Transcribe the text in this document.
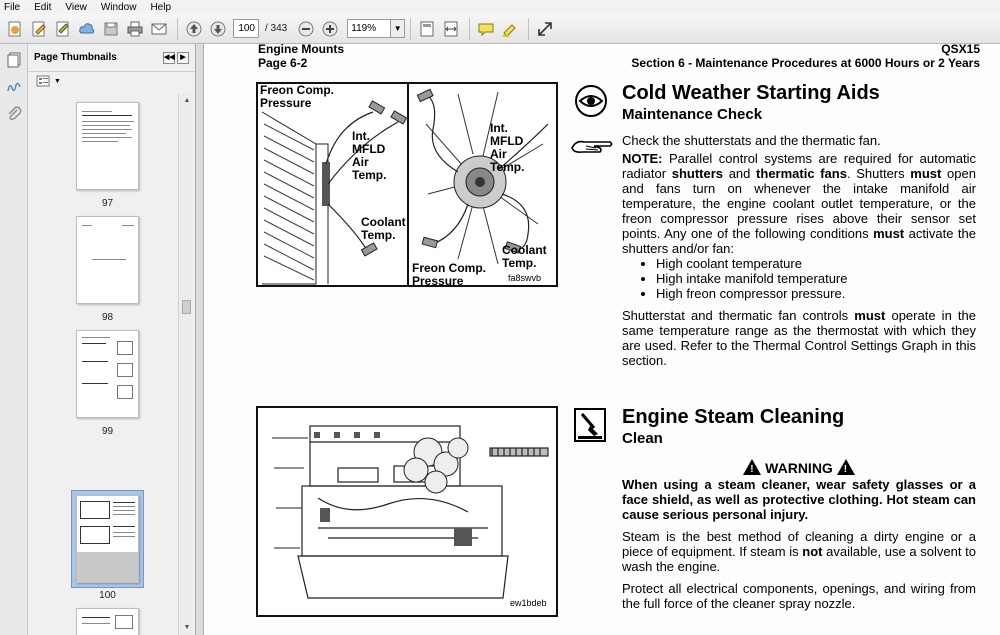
File Edit View Window Help
100	/ 343	119%	▼
Page Thumbnails	◀◀ ▶
▼
97
98
99
100
▲
▼
Engine Mounts
Page 6-2
QSX15
Section 6 - Maintenance Procedures at 6000 Hours or 2 Years
Freon Comp. Pressure
Int. MFLD Air Temp.
Coolant Temp.
Int. MFLD Air Temp.
Coolant Temp.
Freon Comp. Pressure	fa8swvb
ew1bdeb
Cold Weather Starting Aids
Maintenance Check
Check the shutterstats and the thermatic fan.
NOTE: Parallel control systems are required for automatic radiator shutters and thermatic fans. Shutters must open and fans turn on whenever the intake manifold air temperature, the engine coolant outlet temperature, or the freon compressor pressure rises above their sensor set points. Any one of the following conditions must activate the shutters and/or fan:
• High coolant temperature
• High intake manifold temperature
• High freon compressor pressure.
Shutterstat and thermatic fan controls must operate in the same temperature range as the thermostat with which they are used. Refer to the Thermal Control Settings Graph in this section.
Engine Steam Cleaning
Clean
! WARNING !
When using a steam cleaner, wear safety glasses or a face shield, as well as protective clothing. Hot steam can cause serious personal injury.
Steam is the best method of cleaning a dirty engine or a piece of equipment. If steam is not available, use a solvent to wash the engine.
Protect all electrical components, openings, and wiring from the full force of the cleaner spray nozzle.
